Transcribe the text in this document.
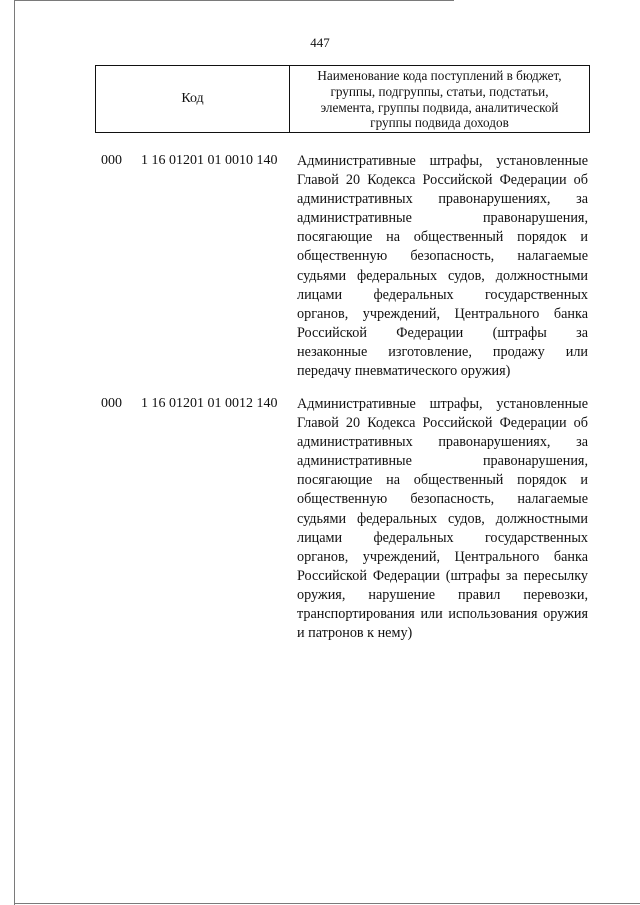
447
Код
Наименование кода поступлений в бюджет,
группы, подгруппы, статьи, подстатьи,
элемента, группы подвида, аналитической
группы подвида доходов
000 1 16 01201 01 0010 140 Административные штрафы, установленные
Главой 20 Кодекса Российской Федерации об
административных правонарушениях, за
административные правонарушения,
посягающие на общественный порядок и
общественную безопасность, налагаемые
судьями федеральных судов, должностными
лицами федеральных государственных
органов, учреждений, Центрального банка
Российской Федерации (штрафы за
незаконные изготовление, продажу или
передачу пневматического оружия)
000 1 16 01201 01 0012 140 Административные штрафы, установленные
Главой 20 Кодекса Российской Федерации об
административных правонарушениях, за
административные правонарушения,
посягающие на общественный порядок и
общественную безопасность, налагаемые
судьями федеральных судов, должностными
лицами федеральных государственных
органов, учреждений, Центрального банка
Российской Федерации (штрафы за пересылку
оружия, нарушение правил перевозки,
транспортирования или использования оружия
и патронов к нему)
